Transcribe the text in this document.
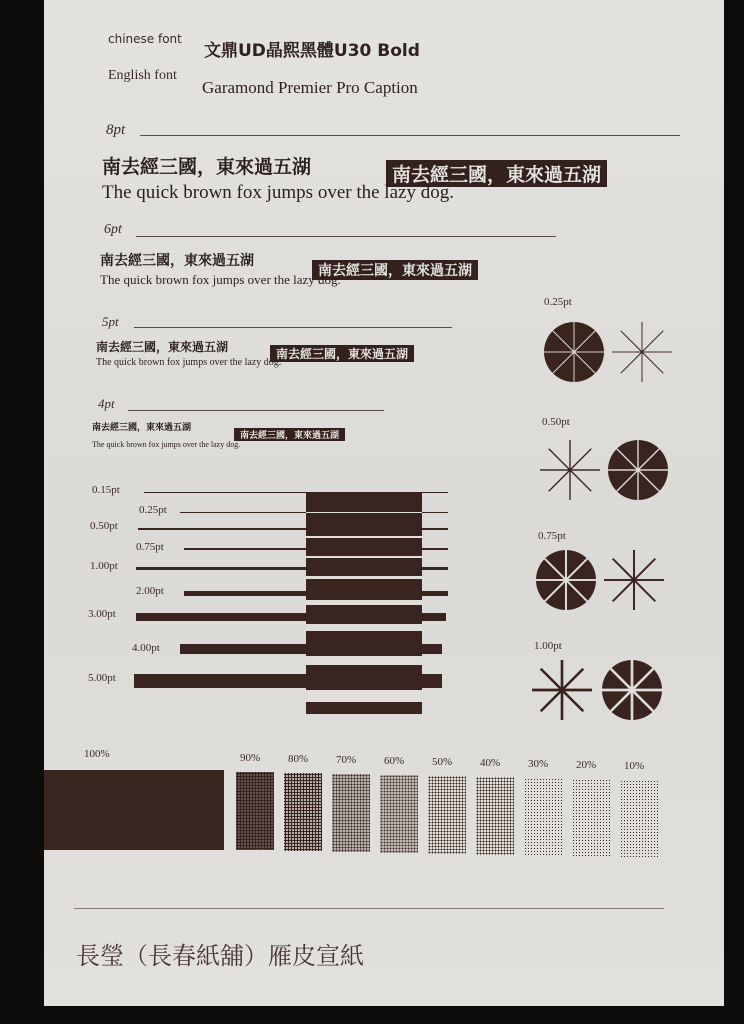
chinese font
文鼎UD晶熙黑體U30 Bold
English font
Garamond Premier Pro Caption
8pt
南去經三國，東來過五湖	南去經三國，東來過五湖
The quick brown fox jumps over the lazy dog.
6pt
南去經三國，東來過五湖
南去經三國，東來過五湖
The quick brown fox jumps over the lazy dog.
5pt
南去經三國，東來過五湖	南去經三國，東來過五湖
The quick brown fox jumps over the lazy dog.
4pt
南去經三國，東來過五湖
南去經三國，東來過五湖
The quick brown fox jumps over the lazy dog.
0.15pt
0.25pt
0.50pt
0.75pt
1.00pt
2.00pt
3.00pt
4.00pt
5.00pt
0.25pt
0.50pt
0.75pt
1.00pt
100%	90%	80%	70%	60%	50%	40%	30%	20%	10%
長瑩（長春紙舖）雁皮宣紙
